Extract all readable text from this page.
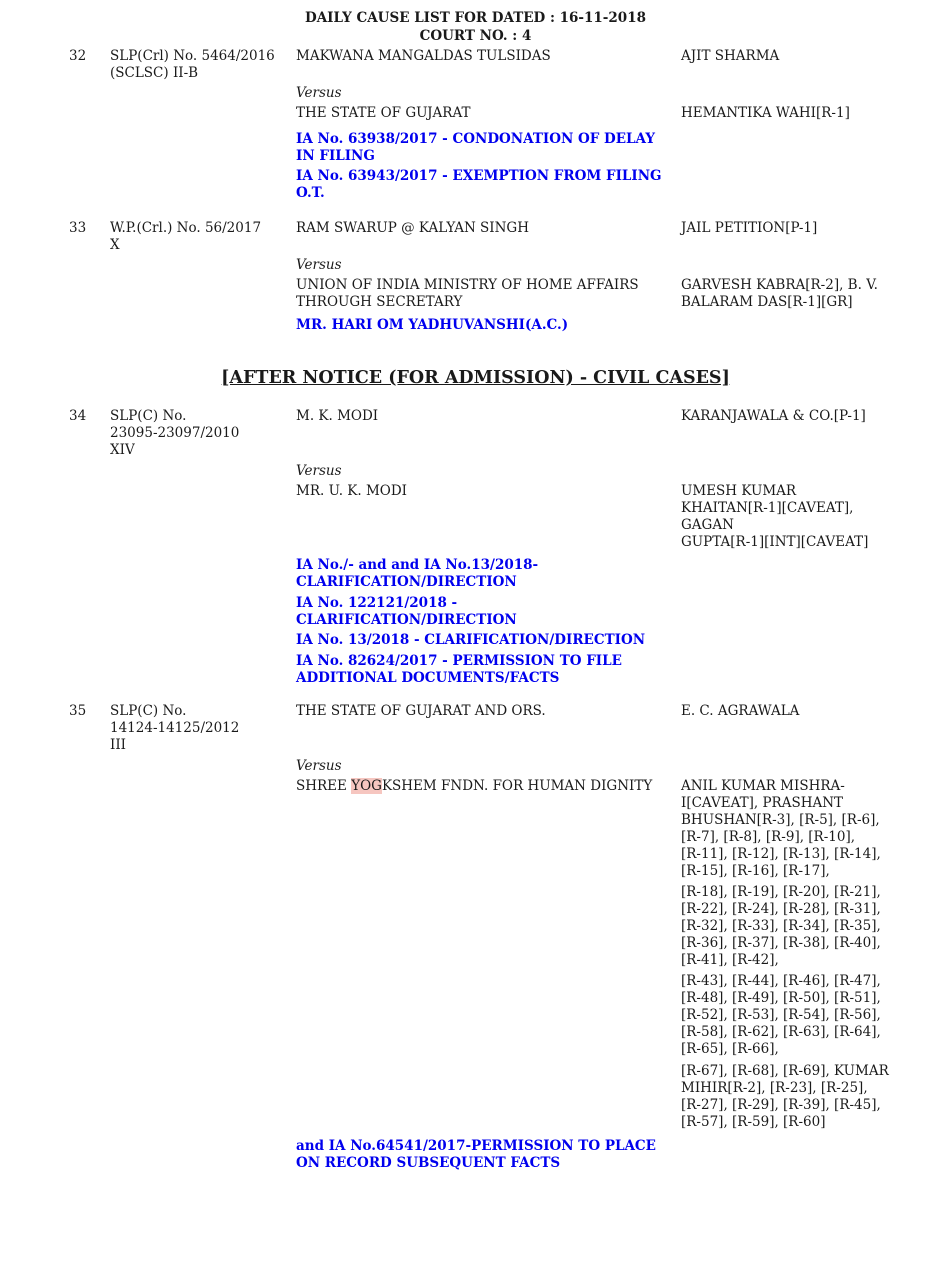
DAILY CAUSE LIST FOR DATED : 16-11-2018
COURT NO. : 4
32 SLP(Crl) No. 5464/2016
(SCLSC) II-B
MAKWANA MANGALDAS TULSIDAS	AJIT SHARMA
Versus
THE STATE OF GUJARAT	HEMANTIKA WAHI[R-1]
IA No. 63938/2017 - CONDONATION OF DELAY
IN FILING
IA No. 63943/2017 - EXEMPTION FROM FILING
O.T.
33 W.P.(Crl.) No. 56/2017
X
RAM SWARUP @ KALYAN SINGH	JAIL PETITION[P-1]
Versus
UNION OF INDIA MINISTRY OF HOME AFFAIRS
THROUGH SECRETARY
GARVESH KABRA[R-2], B. V.
BALARAM DAS[R-1][GR]
MR. HARI OM YADHUVANSHI(A.C.)
[AFTER NOTICE (FOR ADMISSION) - CIVIL CASES]
34 SLP(C) No.
23095-23097/2010
XIV
M. K. MODI	KARANJAWALA & CO.[P-1]
Versus
MR. U. K. MODI	UMESH KUMAR
KHAITAN[R-1][CAVEAT],
GAGAN
GUPTA[R-1][INT][CAVEAT]
IA No./- and and IA No.13/2018-
CLARIFICATION/DIRECTION
IA No. 122121/2018 -
CLARIFICATION/DIRECTION
IA No. 13/2018 - CLARIFICATION/DIRECTION
IA No. 82624/2017 - PERMISSION TO FILE
ADDITIONAL DOCUMENTS/FACTS
35 SLP(C) No.
14124-14125/2012
III
THE STATE OF GUJARAT AND ORS.	E. C. AGRAWALA
Versus
SHREE YOGKSHEM FNDN. FOR HUMAN DIGNITY	ANIL KUMAR MISHRA-
I[CAVEAT], PRASHANT
BHUSHAN[R-3], [R-5], [R-6],
[R-7], [R-8], [R-9], [R-10],
[R-11], [R-12], [R-13], [R-14],
[R-15], [R-16], [R-17],
[R-18], [R-19], [R-20], [R-21],
[R-22], [R-24], [R-28], [R-31],
[R-32], [R-33], [R-34], [R-35],
[R-36], [R-37], [R-38], [R-40],
[R-41], [R-42],
[R-43], [R-44], [R-46], [R-47],
[R-48], [R-49], [R-50], [R-51],
[R-52], [R-53], [R-54], [R-56],
[R-58], [R-62], [R-63], [R-64],
[R-65], [R-66],
[R-67], [R-68], [R-69], KUMAR
MIHIR[R-2], [R-23], [R-25],
[R-27], [R-29], [R-39], [R-45],
[R-57], [R-59], [R-60]
and IA No.64541/2017-PERMISSION TO PLACE
ON RECORD SUBSEQUENT FACTS
